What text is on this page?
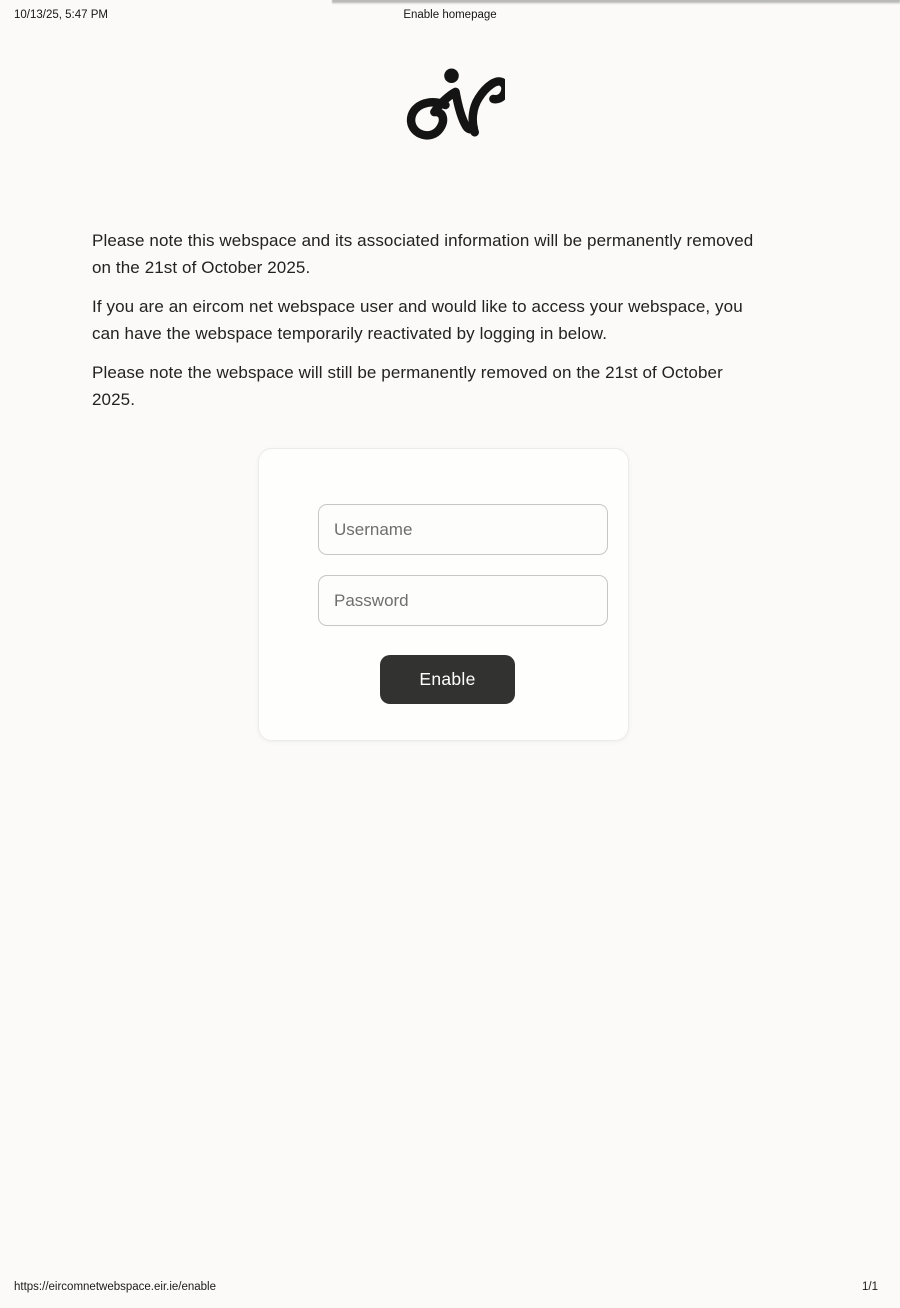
10/13/25, 5:47 PM	Enable homepage

Please note this webspace and its associated information will be permanently removed
on the 21st of October 2025.

If you are an eircom net webspace user and would like to access your webspace, you
can have the webspace temporarily reactivated by logging in below.

Please note the webspace will still be permanently removed on the 21st of October
2025.

Username
Enable
https://eircomnetwebspace.eir.ie/enable	1/1
